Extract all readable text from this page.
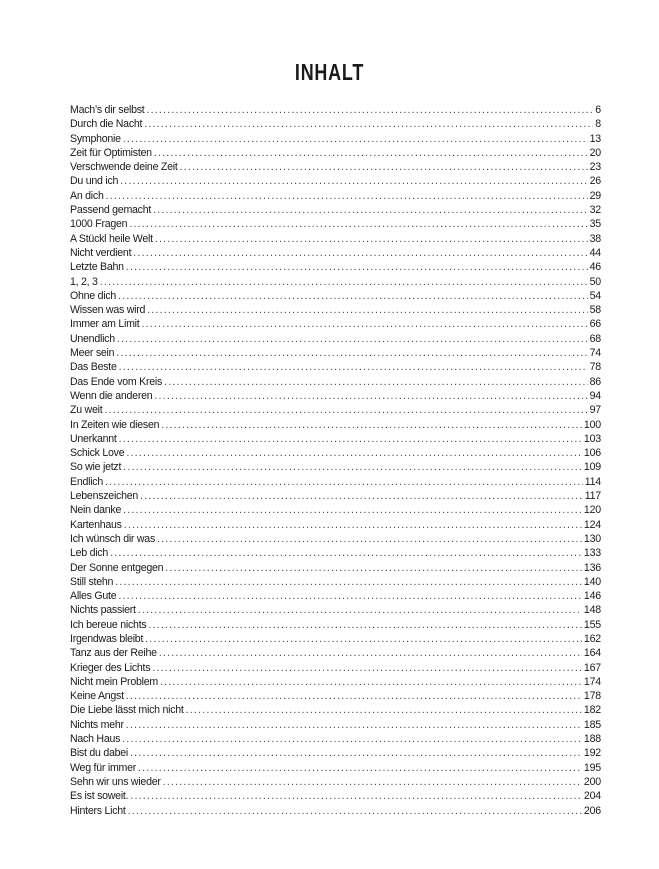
INHALT
Mach’s dir selbst .....	6
Durch die Nacht .....	8
Symphonie .....	13
Zeit für Optimisten .....	20
Verschwende deine Zeit .....	23
Du und ich .....	26
An dich .....	29
Passend gemacht .....	32
1000 Fragen .....	35
A Stückl heile Welt .....	38
Nicht verdient .....	44
Letzte Bahn .....	46
1, 2, 3 .....	50
Ohne dich .....	54
Wissen was wird .....	58
Immer am Limit .....	66
Unendlich .....	68
Meer sein .....	74
Das Beste .....	78
Das Ende vom Kreis .....	86
Wenn die anderen .....	94
Zu weit .....	97
In Zeiten wie diesen .....	100
Unerkannt .....	103
Schick Love .....	106
So wie jetzt .....	109
Endlich .....	114
Lebenszeichen .....	117
Nein danke .....	120
Kartenhaus .....	124
Ich wünsch dir was .....	130
Leb dich .....	133
Der Sonne entgegen .....	136
Still stehn .....	140
Alles Gute .....	146
Nichts passiert .....	148
Ich bereue nichts .....	155
Irgendwas bleibt .....	162
Tanz aus der Reihe .....	164
Krieger des Lichts .....	167
Nicht mein Problem .....	174
Keine Angst .....	178
Die Liebe lässt mich nicht .....	182
Nichts mehr .....	185
Nach Haus .....	188
Bist du dabei .....	192
Weg für immer .....	195
Sehn wir uns wieder .....	200
Es ist soweit. .....	204
Hinters Licht .....	206
